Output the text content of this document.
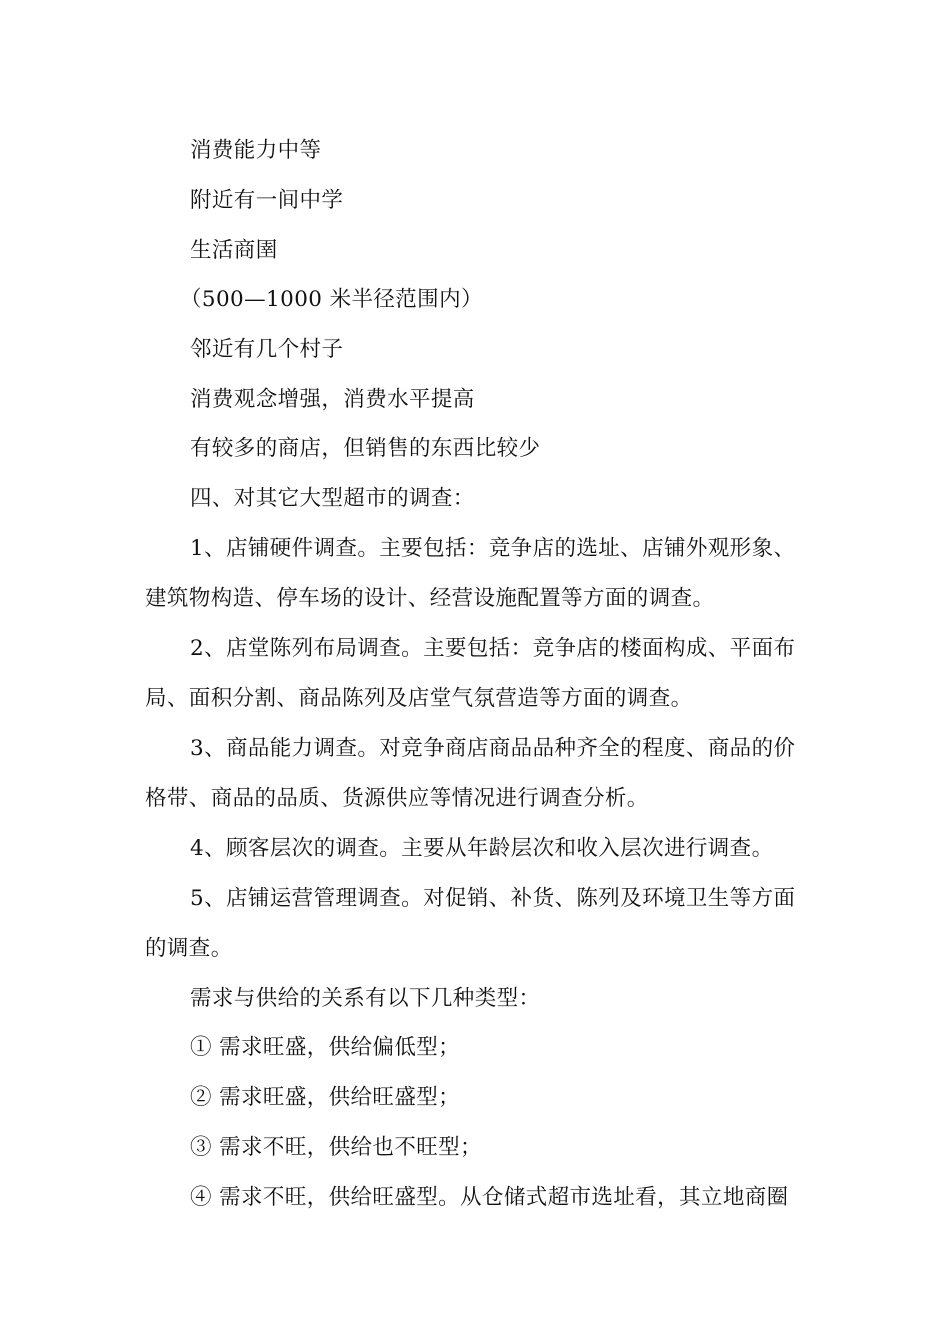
消费能力中等
附近有一间中学
生活商圉
（500—1000 米半径范围内）
邻近有几个村子
消费观念增强，消费水平提高
有较多的商店，但销售的东西比较少
四、对其它大型超市的调查：
1、店铺硬件调查。主要包括：竞争店的选址、店铺外观形象、
建筑物构造、停车场的设计、经营设施配置等方面的调查。
2、店堂陈列布局调查。主要包括：竞争店的楼面构成、平面布
局、面积分割、商品陈列及店堂气氛营造等方面的调查。
3、商品能力调查。对竞争商店商品品种齐全的程度、商品的价
格带、商品的品质、货源供应等情况进行调查分析。
4、顾客层次的调查。主要从年龄层次和收入层次进行调查。
5、店铺运营管理调查。对促销、补货、陈列及环境卫生等方面
的调查。
需求与供给的关系有以下几种类型：
① 需求旺盛，供给偏低型；
② 需求旺盛，供给旺盛型；
③ 需求不旺，供给也不旺型；
④ 需求不旺，供给旺盛型。从仓储式超市选址看，其立地商圈
